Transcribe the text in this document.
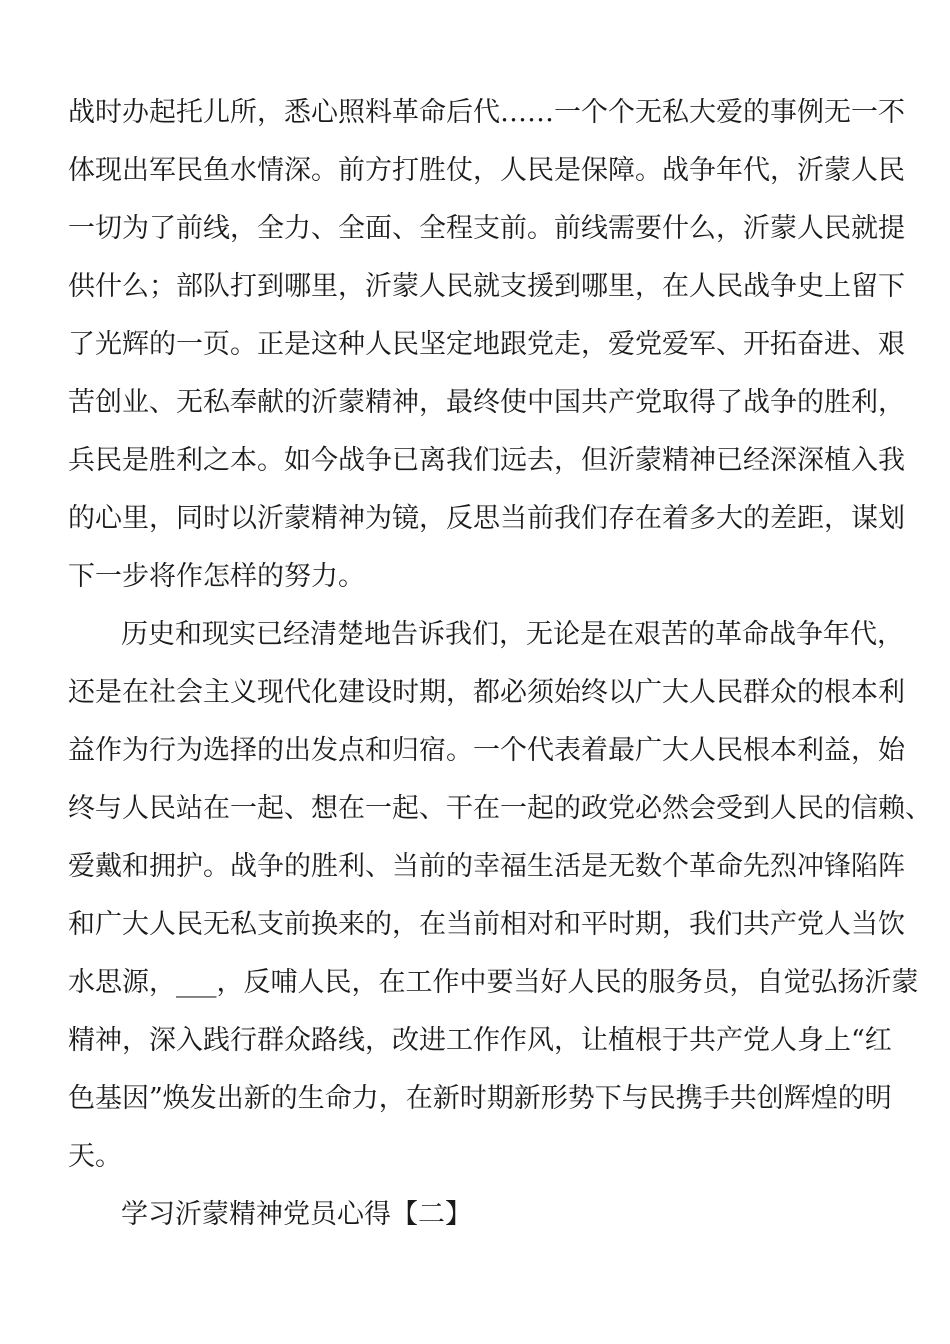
战时办起托儿所，悉心照料革命后代……一个个无私大爱的事例无一不
体现出军民鱼水情深。前方打胜仗，人民是保障。战争年代，沂蒙人民
一切为了前线，全力、全面、全程支前。前线需要什么，沂蒙人民就提
供什么；部队打到哪里，沂蒙人民就支援到哪里，在人民战争史上留下
了光辉的一页。正是这种人民坚定地跟党走，爱党爱军、开拓奋进、艰
苦创业、无私奉献的沂蒙精神，最终使中国共产党取得了战争的胜利，
兵民是胜利之本。如今战争已离我们远去，但沂蒙精神已经深深植入我
的心里，同时以沂蒙精神为镜，反思当前我们存在着多大的差距，谋划
下一步将作怎样的努力。
历史和现实已经清楚地告诉我们，无论是在艰苦的革命战争年代，
还是在社会主义现代化建设时期，都必须始终以广大人民群众的根本利
益作为行为选择的出发点和归宿。一个代表着最广大人民根本利益，始
终与人民站在一起、想在一起、干在一起的政党必然会受到人民的信赖、
爱戴和拥护。战争的胜利、当前的幸福生活是无数个革命先烈冲锋陷阵
和广大人民无私支前换来的，在当前相对和平时期，我们共产党人当饮
水思源，___，反哺人民，在工作中要当好人民的服务员，自觉弘扬沂蒙
精神，深入践行群众路线，改进工作作风，让植根于共产党人身上“红
色基因”焕发出新的生命力，在新时期新形势下与民携手共创辉煌的明
天。
学习沂蒙精神党员心得【二】
